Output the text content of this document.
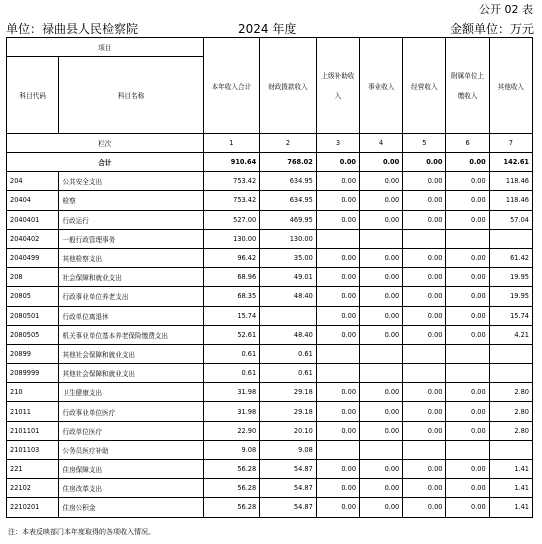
公开 02 表
单位：禄曲县人民检察院	2024 年度	金额单位：万元
项目		本年收入合计	财政拨款收入	上级补助收入	事业收入	经营收入	附属单位上缴收入	其他收入
科目代码	科目名称							
栏次		1	2	3	4	5	6	7
合计		910.64	768.02	0.00	0.00	0.00	0.00	142.61
204	公共安全支出	753.42	634.95	0.00	0.00	0.00	0.00	118.46
20404	检察	753.42	634.95	0.00	0.00	0.00	0.00	118.46
2040401	行政运行	527.00	469.95	0.00	0.00	0.00	0.00	57.04
2040402	一般行政管理事务	130.00	130.00					
2040499	其他检察支出	96.42	35.00	0.00	0.00	0.00	0.00	61.42
208	社会保障和就业支出	68.96	49.01	0.00	0.00	0.00	0.00	19.95
20805	行政事业单位养老支出	68.35	48.40	0.00	0.00	0.00	0.00	19.95
2080501	行政单位离退休	15.74		0.00	0.00	0.00	0.00	15.74
2080505	机关事业单位基本养老保险缴费支出	52.61	48.40	0.00	0.00	0.00	0.00	4.21
20899	其他社会保障和就业支出	0.61	0.61					
2089999	其他社会保障和就业支出	0.61	0.61					
210	卫生健康支出	31.98	29.18	0.00	0.00	0.00	0.00	2.80
21011	行政事业单位医疗	31.98	29.18	0.00	0.00	0.00	0.00	2.80
2101101	行政单位医疗	22.90	20.10	0.00	0.00	0.00	0.00	2.80
2101103	公务员医疗补助	9.08	9.08					
221	住房保障支出	56.28	54.87	0.00	0.00	0.00	0.00	1.41
22102	住房改革支出	56.28	54.87	0.00	0.00	0.00	0.00	1.41
2210201	住房公积金	56.28	54.87	0.00	0.00	0.00	0.00	1.41
注：本表反映部门本年度取得的各项收入情况。
